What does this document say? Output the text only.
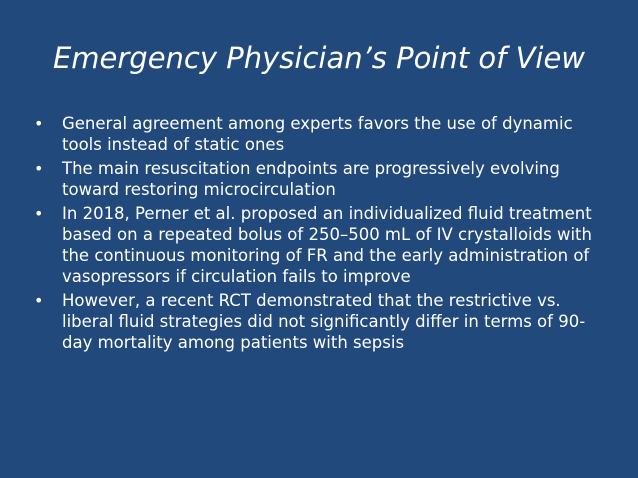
Emergency Physician’s Point of View
•	General agreement among experts favors the use of dynamic tools instead of static ones
•	The main resuscitation endpoints are progressively evolving toward restoring microcirculation
•	In 2018, Perner et al. proposed an individualized fluid treatment based on a repeated bolus of 250–500 mL of IV crystalloids with the continuous monitoring of FR and the early administration of vasopressors if circulation fails to improve
•	However, a recent RCT demonstrated that the restrictive vs. liberal fluid strategies did not significantly differ in terms of 90-day mortality among patients with sepsis
